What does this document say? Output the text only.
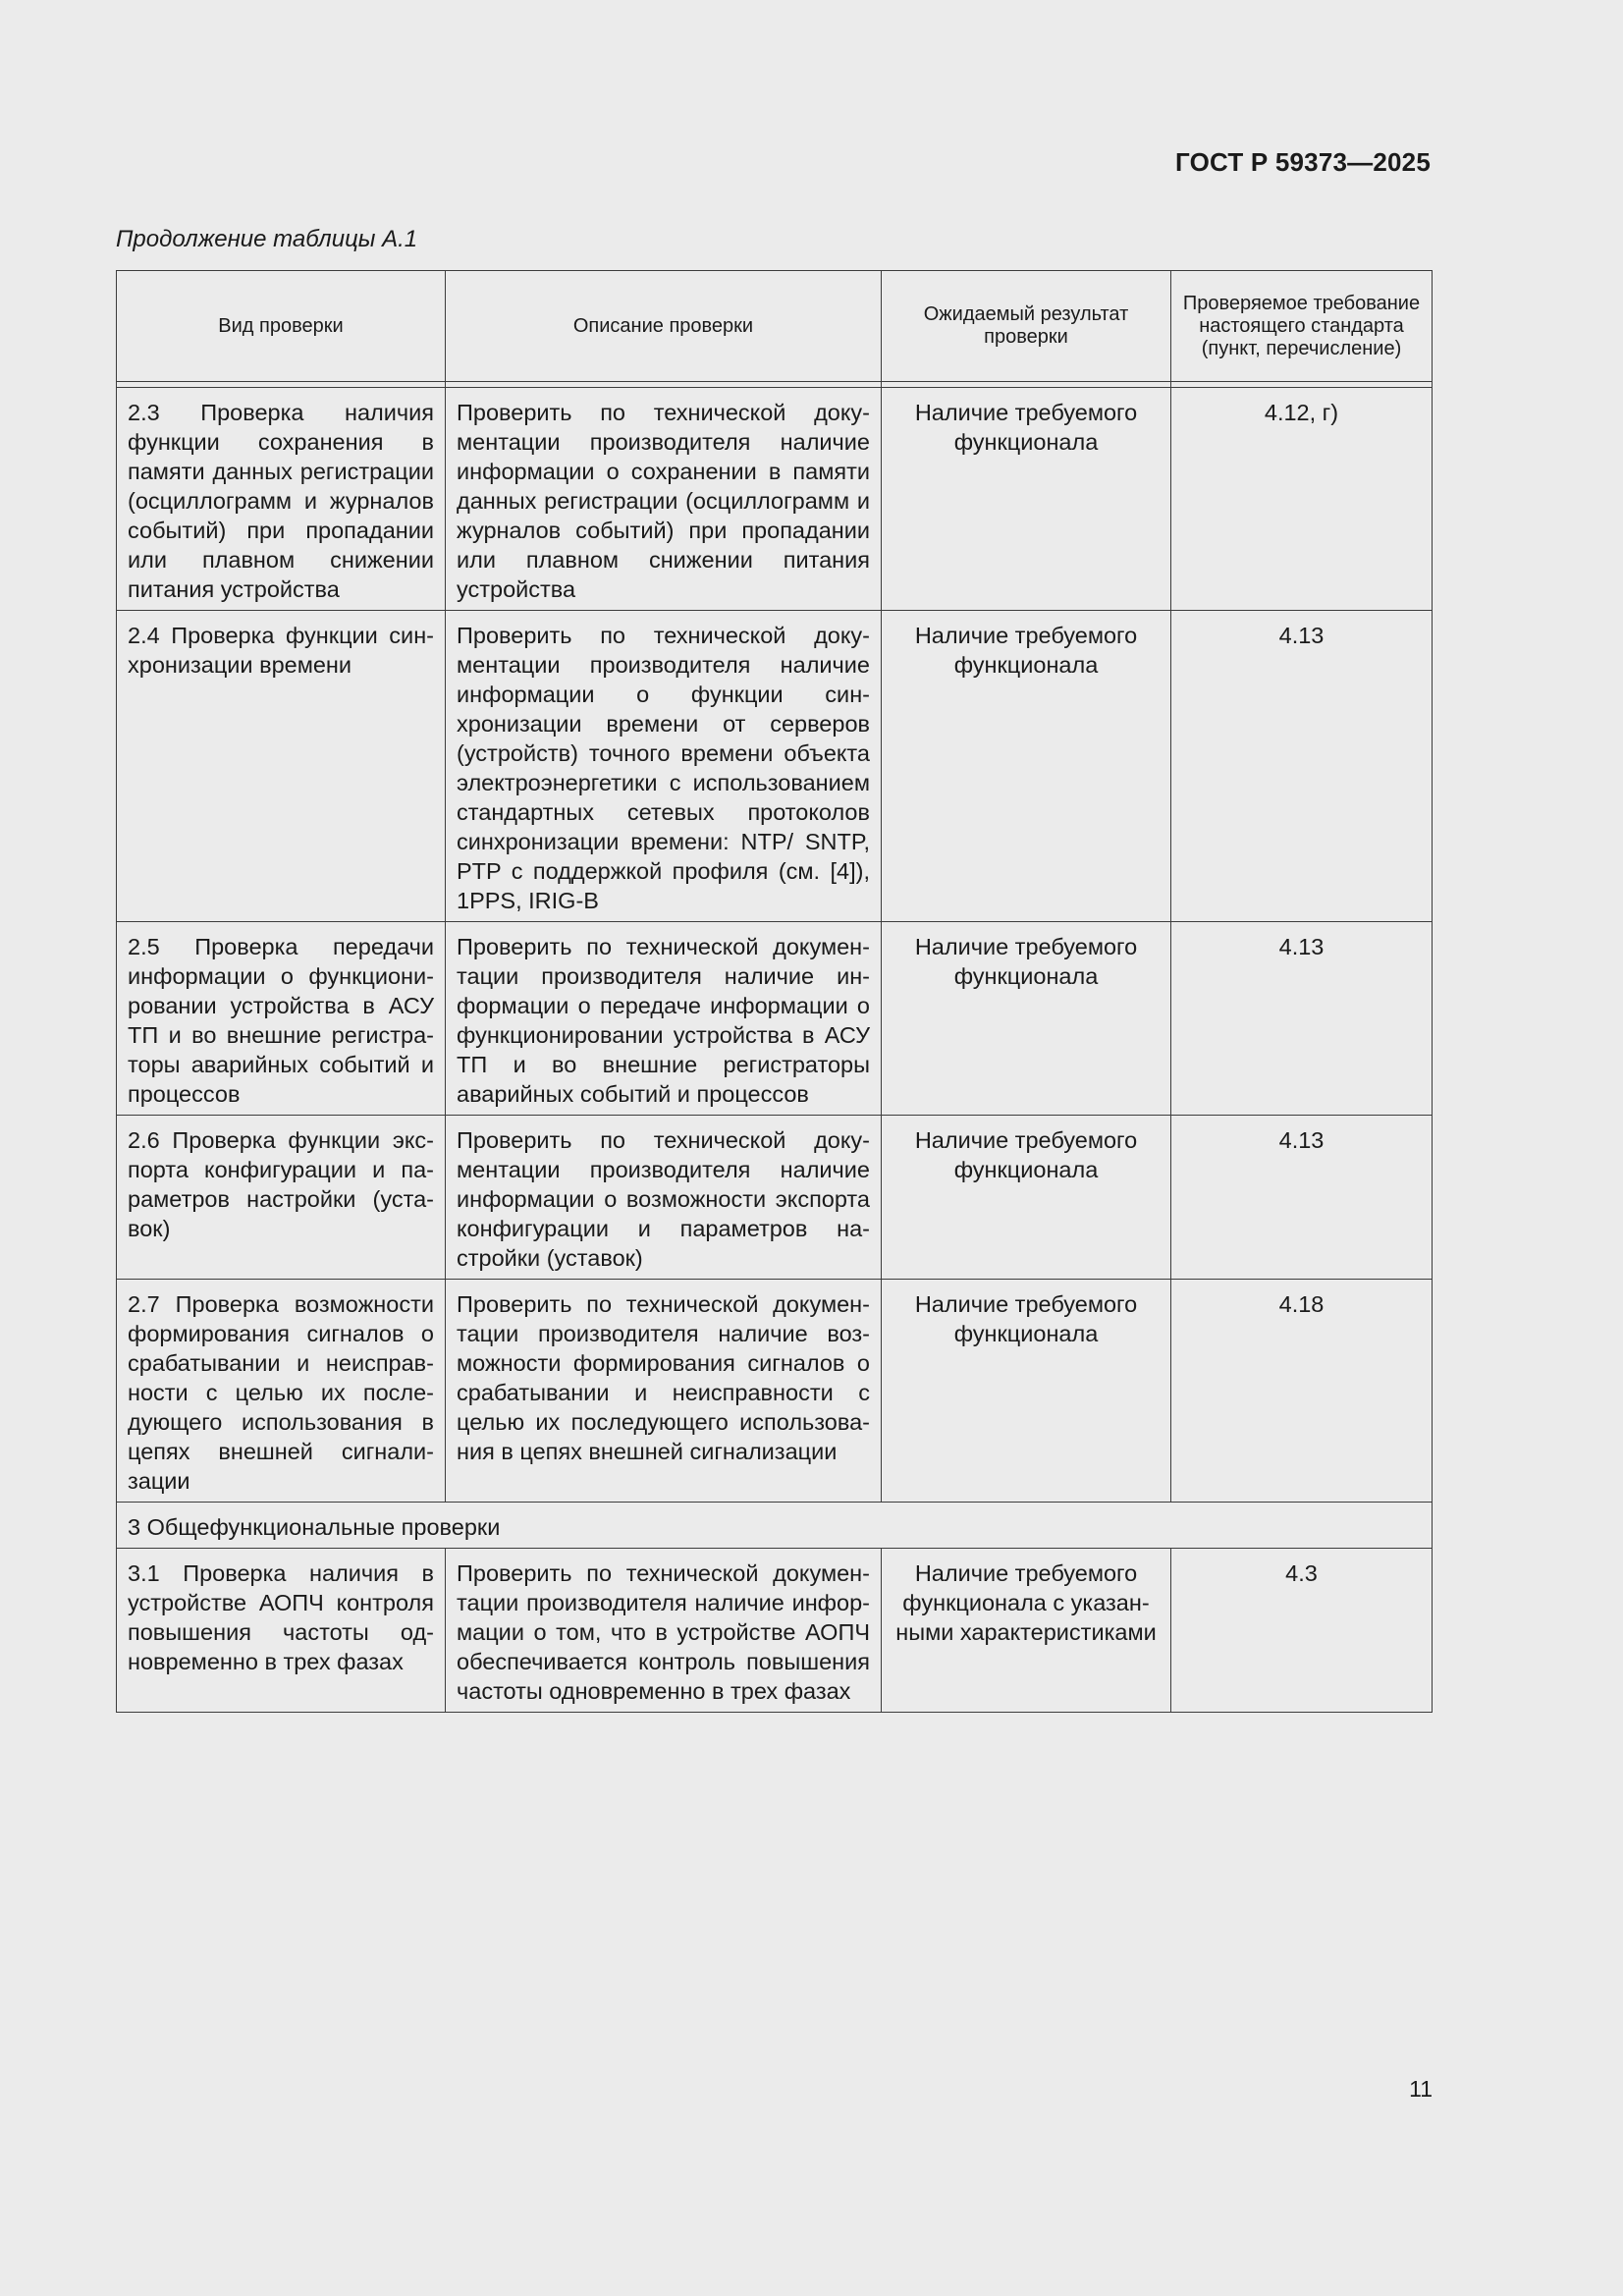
ГОСТ Р 59373—2025
Продолжение таблицы А.1
Вид проверки	Описание проверки	Ожидаемый результат проверки	Проверяемое требование настоящего стандарта (пункт, перечисление)

2.3 Проверка наличия функции сохранения в памяти данных регистрации (осциллограмм и журналов событий) при пропадании или плавном снижении питания устройства	Проверить по технической документации производителя наличие информации о сохранении в памяти данных регистрации (осциллограмм и журналов событий) при пропадании или плавном снижении питания устройства	Наличие требуемого функционала	4.12, г)
2.4 Проверка функции синхронизации времени	Проверить по технической документации производителя наличие информации о функции синхронизации времени от серверов (устройств) точного времени объекта электроэнергетики с использованием стандартных сетевых протоколов синхронизации времени: NTP/ SNTP, PTP с поддержкой профиля (см. [4]), 1PPS, IRIG-B	Наличие требуемого функционала	4.13
2.5 Проверка передачи информации о функционировании устройства в АСУ ТП и во внешние регистраторы аварийных событий и процессов	Проверить по технической документации производителя наличие информации о передаче информации о функционировании устройства в АСУ ТП и во внешние регистраторы аварийных событий и процессов	Наличие требуемого функционала	4.13
2.6 Проверка функции экспорта конфигурации и параметров настройки (уставок)	Проверить по технической документации производителя наличие информации о возможности экспорта конфигурации и параметров настройки (уставок)	Наличие требуемого функционала	4.13
2.7 Проверка возможности формирования сигналов о срабатывании и неисправности с целью их последующего использования в цепях внешней сигнализации	Проверить по технической документации производителя наличие возможности формирования сигналов о срабатывании и неисправности с целью их последующего использования в цепях внешней сигнализации	Наличие требуемого функционала	4.18
3 Общефункциональные проверки			
3.1 Проверка наличия в устройстве АОПЧ контроля повышения частоты одновременно в трех фазах	Проверить по технической документации производителя наличие информации о том, что в устройстве АОПЧ обеспечивается контроль повышения частоты одновременно в трех фазах	Наличие требуемого функционала с указанными характеристиками	4.3
11
